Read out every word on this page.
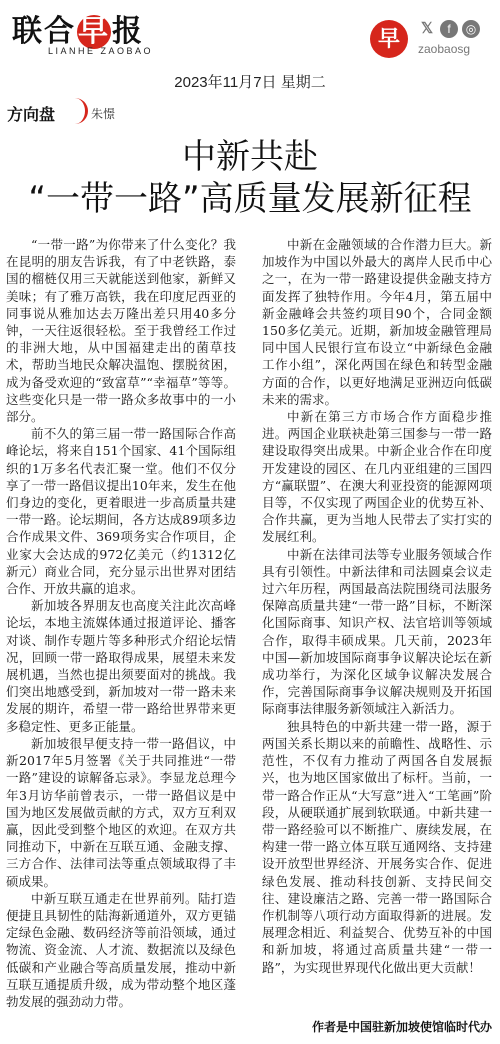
联合早报
LIANHE ZAOBAO	早	𝕏 f ◎
zaobaosg
2023年11月7日 星期二
方向盘	朱憬
中新共赴
“一带一路”高质量发展新征程

“一带一路”为你带来了什么变化？我在昆明的朋友告诉我，有了中老铁路，泰国的榴梿仅用三天就能送到他家，新鲜又美味；有了雅万高铁，我在印度尼西亚的同事说从雅加达去万隆出差只用40多分钟，一天往返很轻松。至于我曾经工作过的非洲大地，从中国福建走出的菌草技术，帮助当地民众解决温饱、摆脱贫困，成为备受欢迎的“致富草”“幸福草”等等。这些变化只是一带一路众多故事中的一小部分。

前不久的第三届一带一路国际合作高峰论坛，将来自151个国家、41个国际组织的1万多名代表汇聚一堂。他们不仅分享了一带一路倡议提出10年来，发生在他们身边的变化，更着眼进一步高质量共建一带一路。论坛期间，各方达成89项多边合作成果文件、369项务实合作项目，企业家大会达成的972亿美元（约1312亿新元）商业合同，充分显示出世界对团结合作、开放共赢的追求。

新加坡各界朋友也高度关注此次高峰论坛，本地主流媒体通过报道评论、播客对谈、制作专题片等多种形式介绍论坛情况，回顾一带一路取得成果，展望未来发展机遇，当然也提出须要面对的挑战。我们突出地感受到，新加坡对一带一路未来发展的期许，希望一带一路给世界带来更多稳定性、更多正能量。

新加坡很早便支持一带一路倡议，中新2017年5月签署《关于共同推进“一带一路”建设的谅解备忘录》。李显龙总理今年3月访华前曾表示，一带一路倡议是中国为地区发展做贡献的方式，双方互利双赢，因此受到整个地区的欢迎。在双方共同推动下，中新在互联互通、金融支撑、三方合作、法律司法等重点领域取得了丰硕成果。

中新互联互通走在世界前列。陆打造便捷且具韧性的陆海新通道外，双方更锚定绿色金融、数码经济等前沿领域，通过物流、资金流、人才流、数据流以及绿色低碳和产业融合等高质量发展，推动中新互联互通提质升级，成为带动整个地区蓬勃发展的强劲动力带。

中新在金融领域的合作潜力巨大。新加坡作为中国以外最大的离岸人民币中心之一，在为一带一路建设提供金融支持方面发挥了独特作用。今年4月，第五届中新金融峰会共签约项目90个，合同金额150多亿美元。近期，新加坡金融管理局同中国人民银行宣布设立“中新绿色金融工作小组”，深化两国在绿色和转型金融方面的合作，以更好地满足亚洲迈向低碳未来的需求。

中新在第三方市场合作方面稳步推进。两国企业联袂赴第三国参与一带一路建设取得突出成果。中新企业合作在印度开发建设的园区、在几内亚组建的三国四方“赢联盟”、在澳大利亚投资的能源网项目等，不仅实现了两国企业的优势互补、合作共赢，更为当地人民带去了实打实的发展红利。

中新在法律司法等专业服务领域合作具有引领性。中新法律和司法圆桌会议走过六年历程，两国最高法院围绕司法服务保障高质量共建“一带一路”目标，不断深化国际商事、知识产权、法官培训等领域合作，取得丰硕成果。几天前，2023年中国—新加坡国际商事争议解决论坛在新成功举行，为深化区域争议解决发展合作，完善国际商事争议解决规则及开拓国际商事法律服务新领域注入新活力。

独具特色的中新共建一带一路，源于两国关系长期以来的前瞻性、战略性、示范性，不仅有力推动了两国各自发展振兴，也为地区国家做出了标杆。当前，一带一路合作正从“大写意”进入“工笔画”阶段，从硬联通扩展到软联通。中新共建一带一路经验可以不断推广、赓续发展，在构建一带一路立体互联互通网络、支持建设开放型世界经济、开展务实合作、促进绿色发展、推动科技创新、支持民间交往、建设廉洁之路、完善一带一路国际合作机制等八项行动方面取得新的进展。发展理念相近、利益契合、优势互补的中国和新加坡，将通过高质量共建“一带一路”，为实现世界现代化做出更大贡献！

作者是中国驻新加坡使馆临时代办
